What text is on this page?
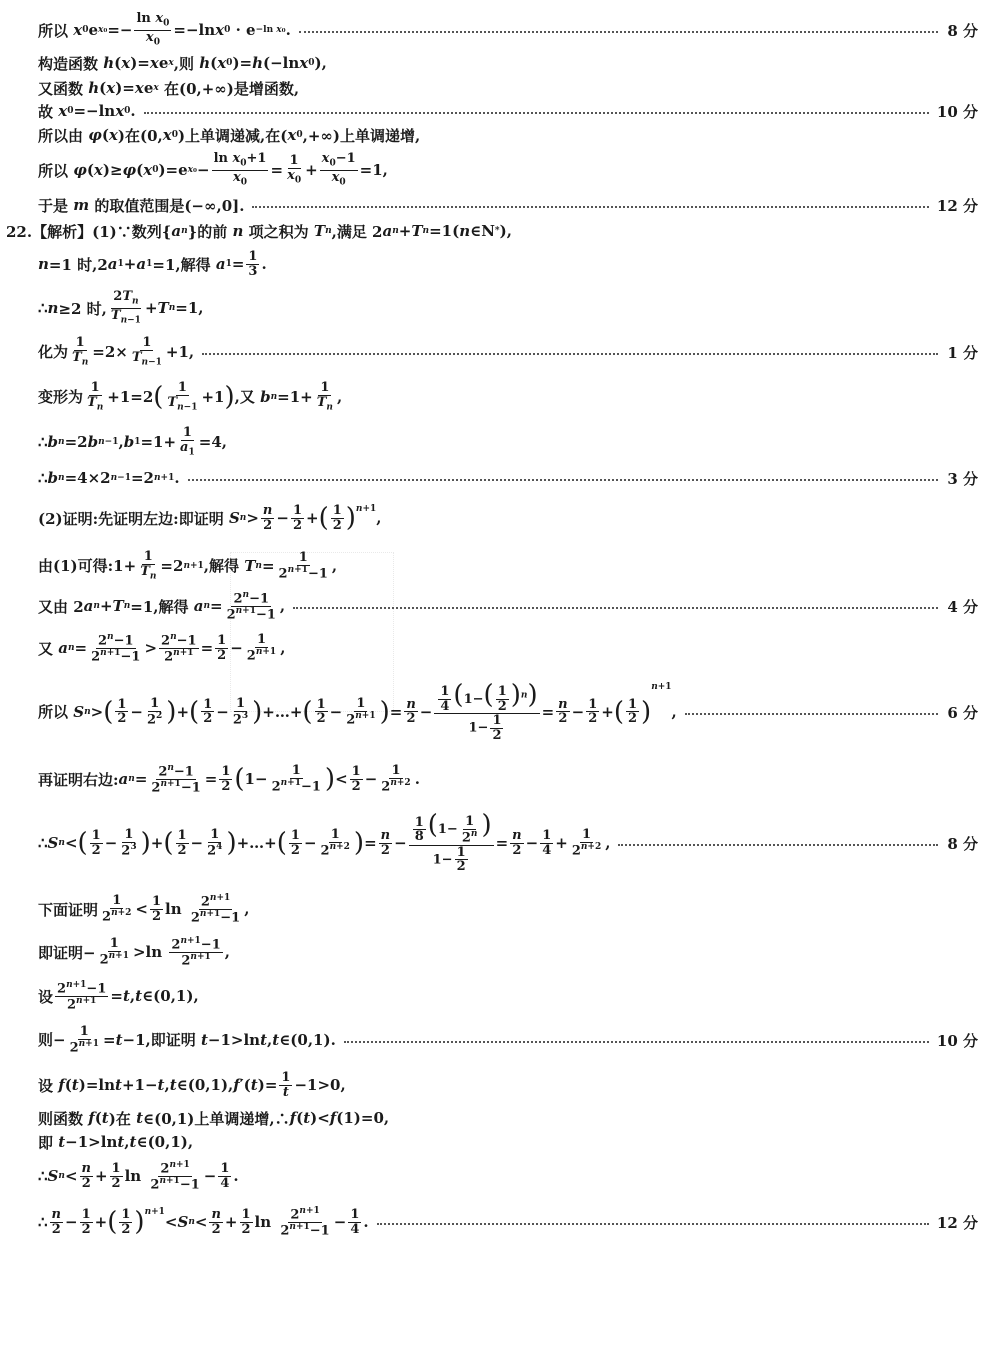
所以 x 0 e $x_0 =- \frac{\ln x_0}{x_0} =-\ln$ x 0 · e −ln x₀ .	8 分
构造函数 h ( x )= x e x ,则 h ( x 0 )= h (−ln x 0 ),
又函数 h ( x )= x e x 在(0,+∞)是增函数,
故 x 0 =−ln x 0 .	10 分
所以由 φ ( x )在(0, x 0 )上单调递减,在( x 0 ,+∞)上单调递增,
所以 φ ( x )≥ φ ( x 0 )=e $x_0 - \frac{\ln x_0+1}{x_0} = \frac{1}{x_0} + \frac{x_0-1}{x_0} =1$,
于是 m 的取值范围是(−∞,0].	12 分
22.【解析】(1)∵数列{ a n }的前 n 项之积为 T n ,满足 2 a n + T n =1( n ∈N * ),
n =1 时,2 a 1 + a 1 =1,解得 a $1 = \frac{1}{3}$ .
∴ n ≥2 时, $\frac{2T_n}{T_{n-1}} + T$ n =1,
化为 $\frac{1}{T_n} =2\times \frac{1}{T_{n-1}} +1$,	1 分
变形为 $\frac{1}{T_n} +1=2$ ( $\frac{1}{T_{n-1}} +1$ ) ,又 b $n =1+ \frac{1}{T_n}$ ,
∴ b n =2 b n−1 , b $1 =1+ \frac{1}{a_1} =4$,
∴ b n =4×2 n−1 =2 n+1 .	3 分
(2)证明:先证明左边:即证明 S $n > \frac{n}{2} - \frac{1}{2}$ + ( $\frac{1}{2}$ ) $^{n+1}$
,
由(1)可得:1+ $\frac{1}{T_n} =2$ n+1 ,解得 T $n = \frac{1}{2^{n+1}-1}$ ,
又由 2 a n + T n =1,解得 a $n = \frac{2^n-1}{2^{n+1}-1}$ ,	4 分
又 a $n = \frac{2^n-1}{2^{n+1}-1} > \frac{2^n-1}{2^{n+1}} = \frac{1}{2} - \frac{1}{2^{n+1}}$ ,
所以 S n > ( $\frac{1}{2} - \frac{1}{2^2}$ ) + ( $\frac{1}{2} - \frac{1}{2^3}$ ) +…+ ( $\frac{1}{2} - \frac{1}{2^{n+1}}$ ) = $\frac{n}{2} - \frac{\frac{1}{4} (1-( \frac{1}{2} )^n)}{1- \frac{1}{2}} = \frac{n}{2} - \frac{1}{2}$ + ( $\frac{1}{2}$ )
n+1
,	6 分
再证明右边: a $n = \frac{2^n-1}{2^{n+1}-1} = \frac{1}{2}$ ( $1- \frac{1}{2^{n+1}-1}$ ) < $\frac{1}{2} - \frac{1}{2^{n+2}}$ .
∴ S n < ( $\frac{1}{2} - \frac{1}{2^3}$ ) + ( $\frac{1}{2} - \frac{1}{2^4}$ ) +…+ ( $\frac{1}{2} - \frac{1}{2^{n+2}}$ ) = $\frac{n}{2} - \frac{\frac{1}{8} (1- \frac{1}{2^n} )}{1- \frac{1}{2}} = \frac{n}{2} - \frac{1}{4} + \frac{1}{2^{n+2}}$ ,	8 分
下面证明 $\frac{1}{2^{n+2}} < \frac{1}{2}$ $\ln \frac{2^{n+1}}{2^{n+1}-1}$ ,
即证明− $\frac{1}{2^{n+1}} >\ln \frac{2^{n+1}-1}{2^{n+1}}$ ,
设 $\frac{2^{n+1}-1}{2^{n+1}} = t$ , t ∈(0,1),
则− $\frac{1}{2^{n+1}} = t -1$,即证明 t −1>ln t , t ∈(0,1).	10 分
设 f ( t )=ln t +1− t , t ∈(0,1), f ′( t )= $\frac{1}{t} -1>0$,
则函数 f ( t )在 t ∈(0,1)上单调递增,∴ f ( t )< f (1)=0,
即 t −1>ln t , t ∈(0,1),
∴ S $n < \frac{n}{2} + \frac{1}{2}$ $\ln \frac{2^{n+1}}{2^{n+1}-1} - \frac{1}{4}$ .
∴ $\frac{n}{2} - \frac{1}{2}$ + ( $\frac{1}{2}$ ) $^{n+1}$
< S $n < \frac{n}{2} + \frac{1}{2}$ $\ln \frac{2^{n+1}}{2^{n+1}-1} - \frac{1}{4}$ .	12 分
